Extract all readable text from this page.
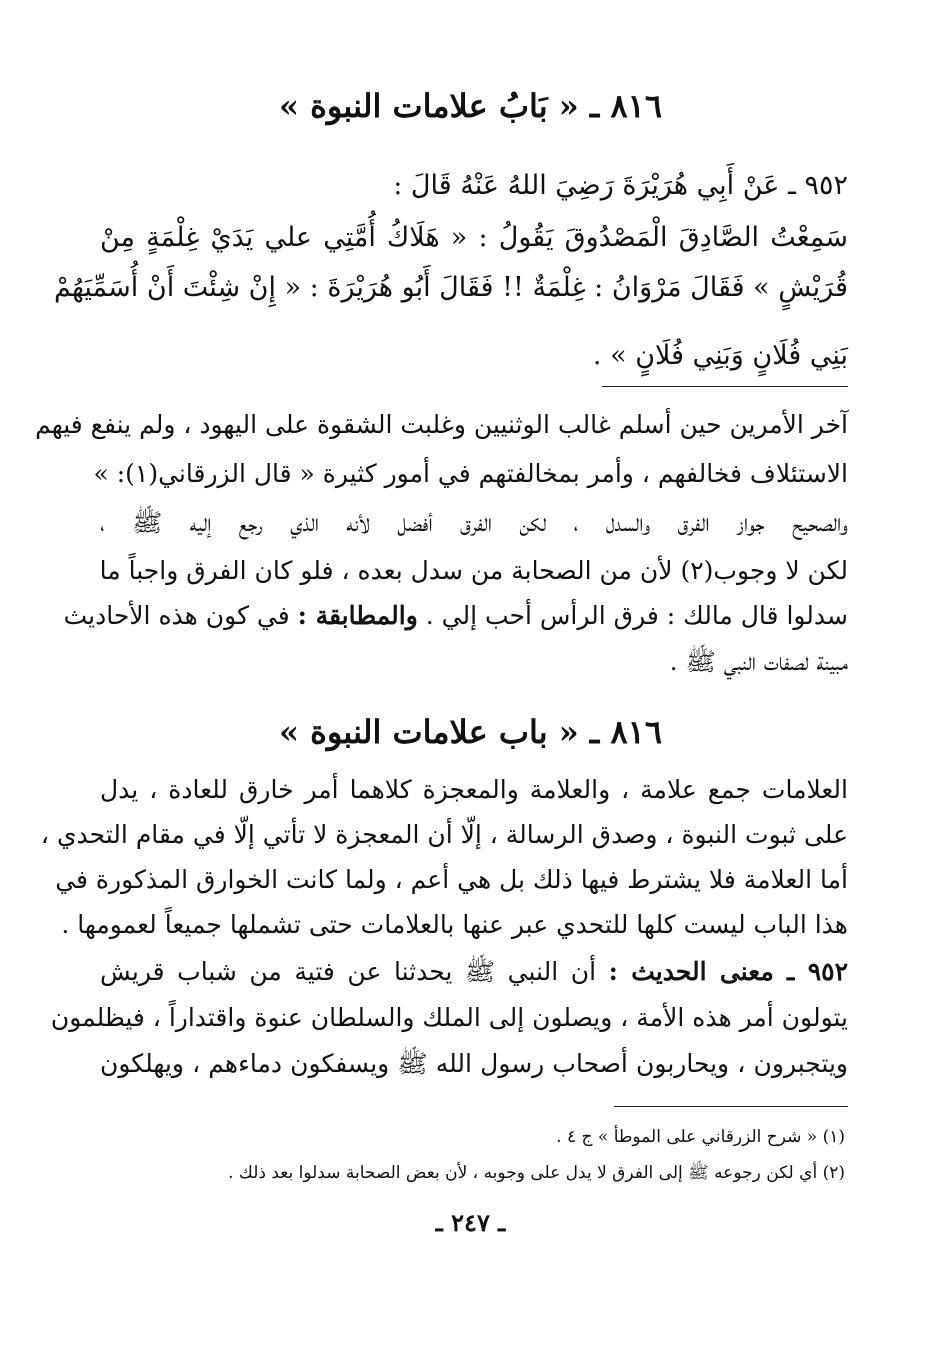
٨١٦ ـ « بَابُ علامات النبوة »
٩٥٢ ـ عَنْ أَبِي هُرَيْرَةَ رَضِيَ اللهُ عَنْهُ قَالَ :
سَمِعْتُ الصَّادِقَ الْمَصْدُوقَ يَقُولُ : « هَلَاكُ أُمَّتِي علي يَدَيْ غِلْمَةٍ مِنْ
قُرَيْشٍ » فَقَالَ مَرْوَانُ : غِلْمَةٌ !! فَقَالَ أَبُو هُرَيْرَةَ : « إِنْ شِئْتَ أَنْ أُسَمِّيَهُمْ
بَنِي فُلَانٍ وَبَنِي فُلَانٍ » .
آخر الأمرين حين أسلم غالب الوثنيين وغلبت الشقوة على اليهود ، ولم ينفع فيهم
الاستئلاف فخالفهم ، وأمر بمخالفتهم في أمور كثيرة « قال الزرقاني(١): »
والصحيح جواز الفرق والسدل ، لكن الفرق أفضل لأنه الذي رجع إليه ﷺ ،
لكن لا وجوب(٢) لأن من الصحابة من سدل بعده ، فلو كان الفرق واجباً ما
سدلوا قال مالك : فرق الرأس أحب إلي . والمطابقة : في كون هذه الأحاديث
مبينة لصفات النبي ﷺ .
٨١٦ ـ « باب علامات النبوة »
العلامات جمع علامة ، والعلامة والمعجزة كلاهما أمر خارق للعادة ، يدل
على ثبوت النبوة ، وصدق الرسالة ، إلّا أن المعجزة لا تأتي إلّا في مقام التحدي ،
أما العلامة فلا يشترط فيها ذلك بل هي أعم ، ولما كانت الخوارق المذكورة في
هذا الباب ليست كلها للتحدي عبر عنها بالعلامات حتى تشملها جميعاً لعمومها .
٩٥٢ ـ معنى الحديث : أن النبي ﷺ يحدثنا عن فتية من شباب قريش
يتولون أمر هذه الأمة ، ويصلون إلى الملك والسلطان عنوة واقتداراً ، فيظلمون
ويتجبرون ، ويحاربون أصحاب رسول الله ﷺ ويسفكون دماءهم ، ويهلكون
(١) « شرح الزرقاني على الموطأ » ج ٤ .
(٢) أي لكن رجوعه ﷺ إلى الفرق لا يدل على وجوبه ، لأن بعض الصحابة سدلوا بعد ذلك .
ـ ٢٤٧ ـ
